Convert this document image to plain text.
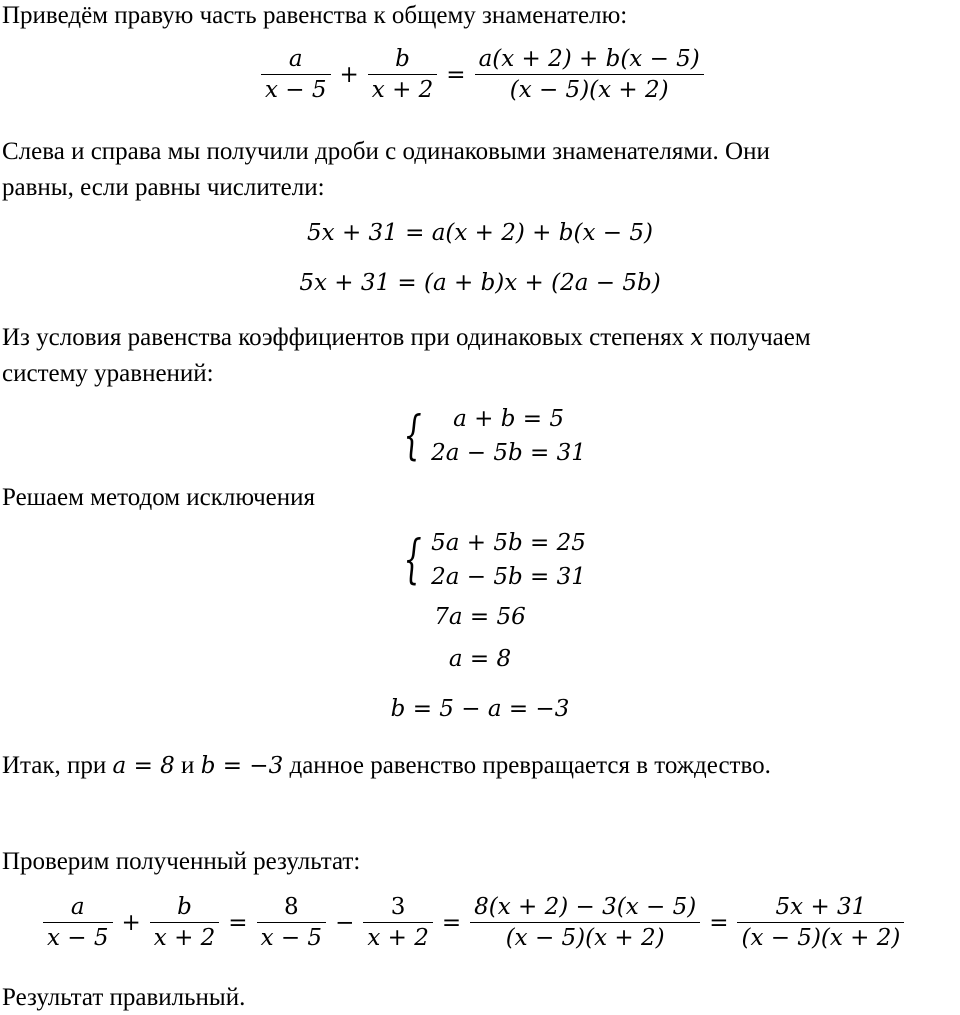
Приведём правую часть равенства к общему знаменателю:
$\frac{a}{x - 5} + \frac{b}{x + 2} = \frac{a(x + 2) + b(x - 5)}{(x - 5)(x + 2)}$
Слева и справа мы получили дроби с одинаковыми знаменателями. Они
равны, если равны числители:
5x + 31 = a(x + 2) + b(x − 5)
5x + 31 = (a + b)x + (2a − 5b)
Из условия равенства коэффициентов при одинаковых степенях x получаем
систему уравнений:
{	a + b = 5
2a − 5b = 31
Решаем методом исключения
{ 5a + 5b = 25
2a − 5b = 31
7a = 56
a = 8
b = 5 − a = −3
Итак, при a = 8 и b = −3 данное равенство превращается в тождество.
Проверим полученный результат:
$\frac{a}{x - 5} + \frac{b}{x + 2} = \frac{8}{x - 5} - \frac{3}{x + 2} = \frac{8(x + 2) - 3(x - 5)}{(x - 5)(x + 2)} = \frac{5x + 31}{(x - 5)(x + 2)}$
Результат правильный.
